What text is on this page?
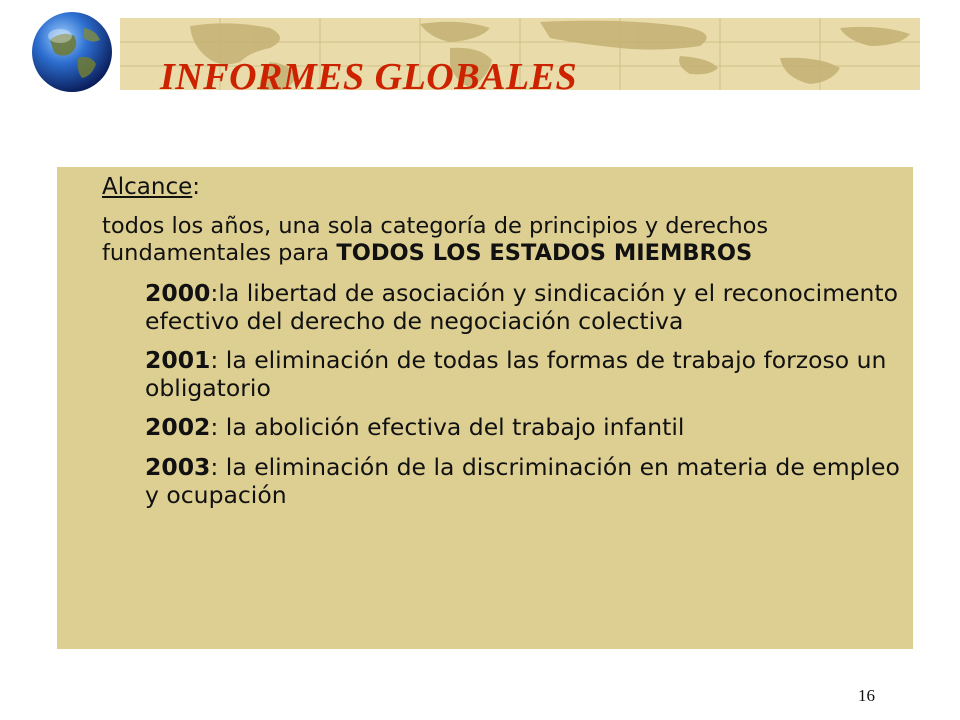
INFORMES GLOBALES

Alcance:

todos los años, una sola categoría de principios y derechos fundamentales para TODOS LOS ESTADOS MIEMBROS

2000:la libertad de asociación y sindicación y el reconocimento efectivo del derecho de negociación colectiva

2001: la eliminación de todas las formas de trabajo forzoso un obligatorio

2002: la abolición efectiva del trabajo infantil

2003: la eliminación de la discriminación en materia de empleo y ocupación

16
